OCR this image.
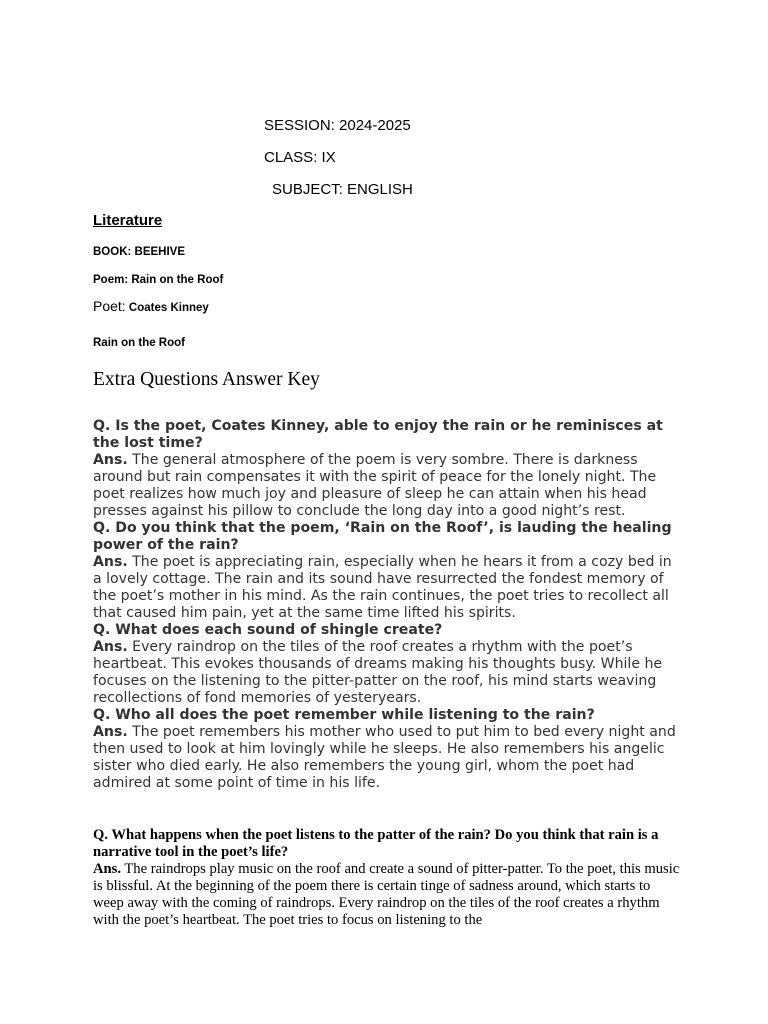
SESSION: 2024-2025
CLASS: IX
SUBJECT: ENGLISH
Literature
BOOK: BEEHIVE
Poem: Rain on the Roof
Poet: Coates Kinney
Rain on the Roof
Extra Questions Answer Key

Q. Is the poet, Coates Kinney, able to enjoy the rain or he reminisces at the lost time?

Ans. The general atmosphere of the poem is very sombre. There is darkness around but rain compensates it with the spirit of peace for the lonely night. The poet realizes how much joy and pleasure of sleep he can attain when his head presses against his pillow to conclude the long day into a good night’s rest.

Q. Do you think that the poem, ‘Rain on the Roof’, is lauding the healing power of the rain?

Ans. The poet is appreciating rain, especially when he hears it from a cozy bed in a lovely cottage. The rain and its sound have resurrected the fondest memory of the poet’s mother in his mind. As the rain continues, the poet tries to recollect all that caused him pain, yet at the same time lifted his spirits.

Q. What does each sound of shingle create?

Ans. Every raindrop on the tiles of the roof creates a rhythm with the poet’s heartbeat. This evokes thousands of dreams making his thoughts busy. While he focuses on the listening to the pitter-patter on the roof, his mind starts weaving recollections of fond memories of yesteryears.

Q. Who all does the poet remember while listening to the rain?

Ans. The poet remembers his mother who used to put him to bed every night and then used to look at him lovingly while he sleeps. He also remembers his angelic sister who died early. He also remembers the young girl, whom the poet had admired at some point of time in his life.

Q. What happens when the poet listens to the patter of the rain? Do you think that rain is a narrative tool in the poet’s life?

Ans. The raindrops play music on the roof and create a sound of pitter-patter. To the poet, this music is blissful. At the beginning of the poem there is certain tinge of sadness around, which starts to weep away with the coming of raindrops. Every raindrop on the tiles of the roof creates a rhythm with the poet’s heartbeat. The poet tries to focus on listening to the
